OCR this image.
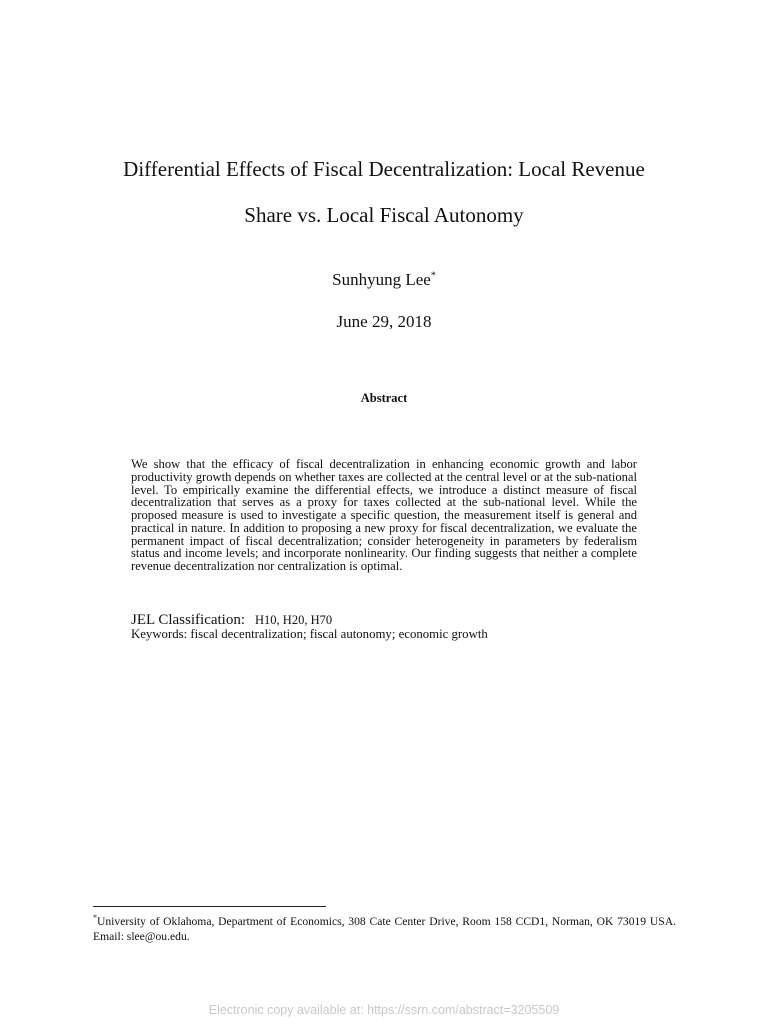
Differential Effects of Fiscal Decentralization: Local Revenue
Share vs. Local Fiscal Autonomy
Sunhyung Lee*
June 29, 2018
Abstract
We show that the efficacy of fiscal decentralization in enhancing economic growth and labor productivity growth depends on whether taxes are collected at the central level or at the sub-national level. To empirically examine the differential effects, we introduce a distinct measure of fiscal decentralization that serves as a proxy for taxes collected at the sub-national level. While the proposed measure is used to investigate a specific question, the measurement itself is general and practical in nature. In addition to proposing a new proxy for fiscal decentralization, we evaluate the permanent impact of fiscal decentralization; consider heterogeneity in parameters by federalism status and income levels; and incorporate nonlinearity. Our finding suggests that neither a complete revenue decentralization nor centralization is optimal.
JEL Classification: H10, H20, H70
Keywords: fiscal decentralization; fiscal autonomy; economic growth
*University of Oklahoma, Department of Economics, 308 Cate Center Drive, Room 158 CCD1, Norman, OK 73019 USA. Email: slee@ou.edu.
Electronic copy available at: https://ssrn.com/abstract=3205509
